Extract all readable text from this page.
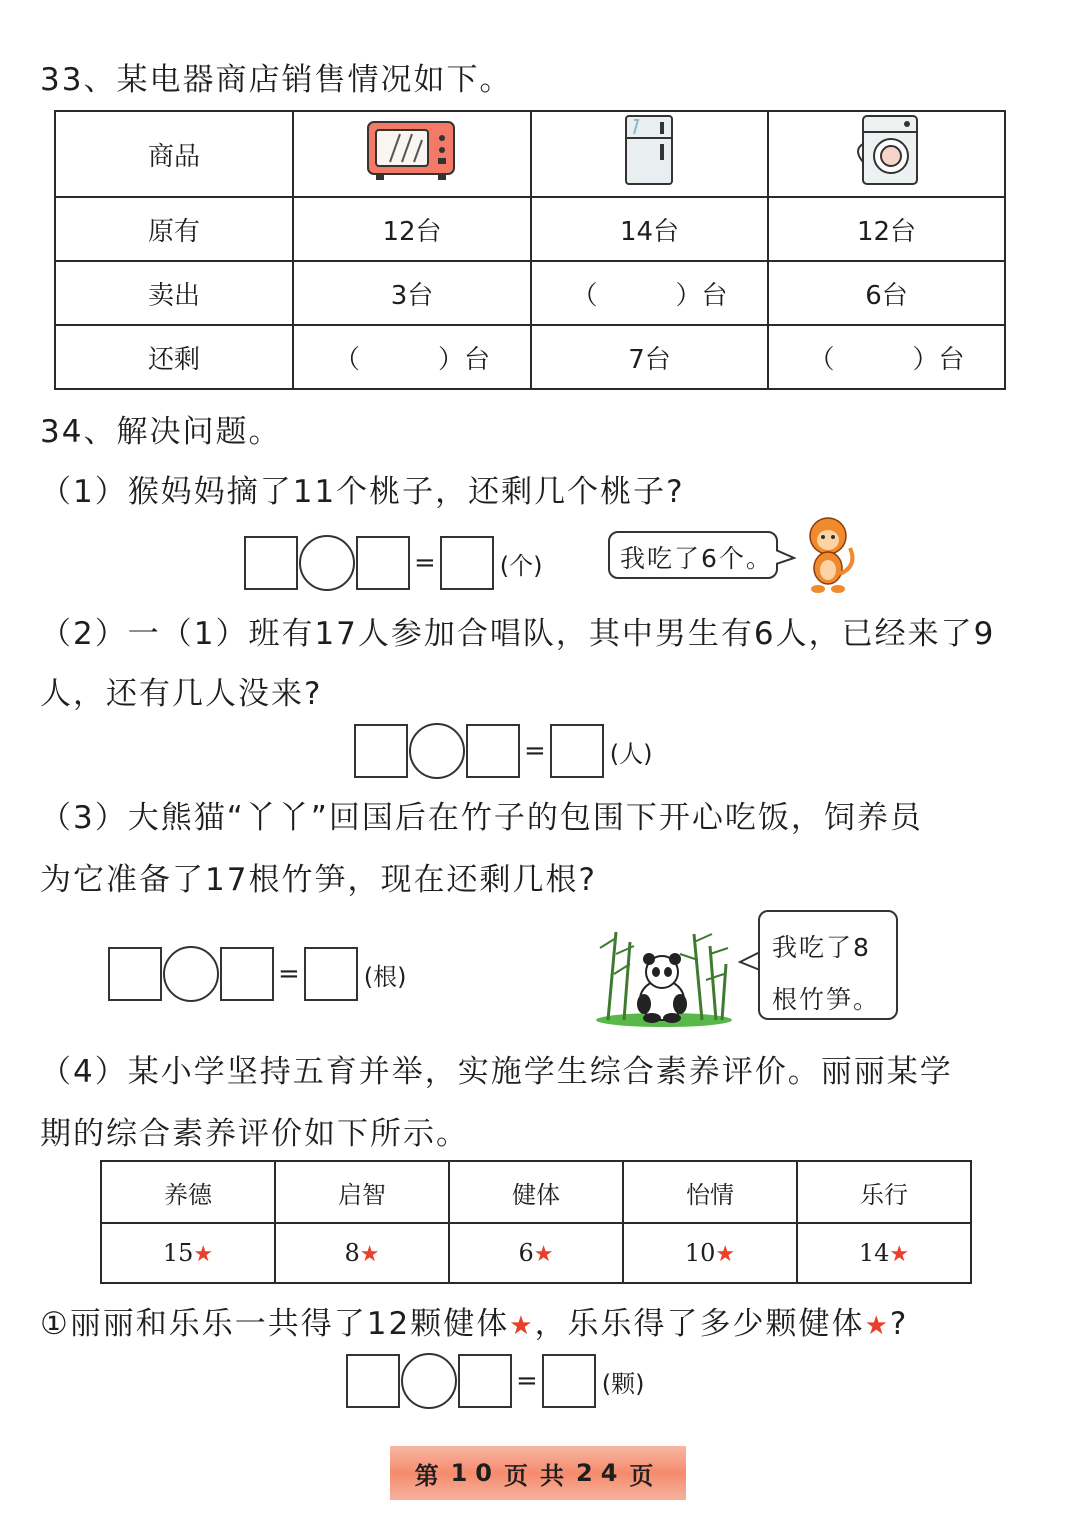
33、某电器商店销售情况如下。
商品			
原有	12台	14台	12台
卖出	3台	（　　　）台	6台
还剩	（　　　）台	7台	（　　　）台
34、解决问题。
（1）猴妈妈摘了11个桃子，还剩几个桃子?
=	(个)	我吃了6个。
（2）一（1）班有17人参加合唱队，其中男生有6人，已经来了9
人，还有几人没来?
=	(人)
（3）大熊猫“丫丫”回国后在竹子的包围下开心吃饭，饲养员
为它准备了17根竹笋，现在还剩几根?
=	(根)
我吃了8
根竹笋。
（4）某小学坚持五育并举，实施学生综合素养评价。丽丽某学
期的综合素养评价如下所示。
养德	启智	健体	怡情	乐行
15★	8★	6★	10★	14★
①丽丽和乐乐一共得了12颗健体★，乐乐得了多少颗健体★?
=	(颗)
第 10 页 共 24 页
